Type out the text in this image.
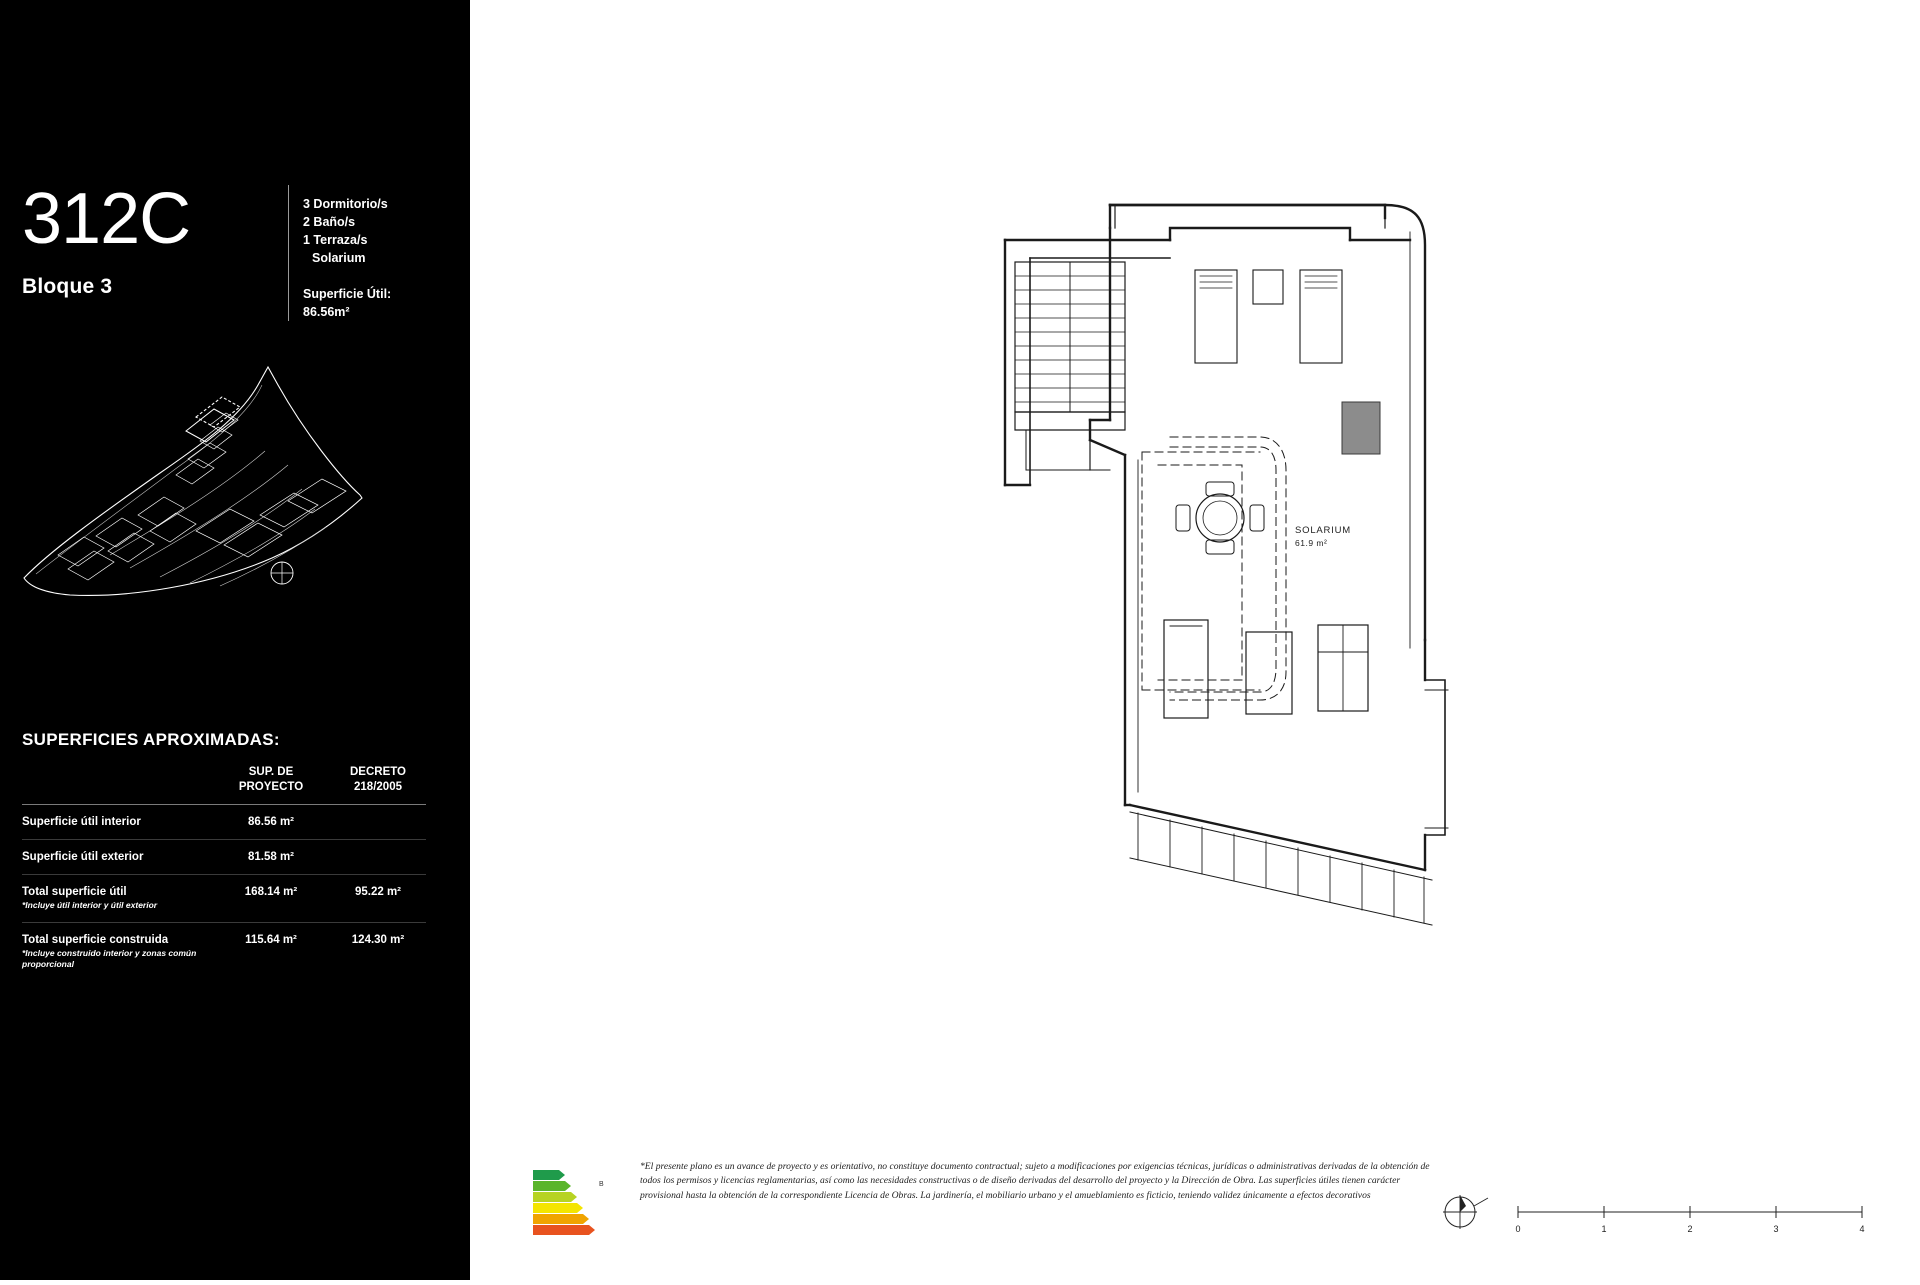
312C
Bloque 3
3 Dormitorio/s
2 Baño/s
1 Terraza/s
Solarium
Superficie Útil:
86.56m²
SUPERFICIES APROXIMADAS:

SUP. DE
PROYECTO

DECRETO
218/2005

Superficie útil interior	86.56 m²	
Superficie útil exterior	81.58 m²	
Total superficie útil
*Incluye útil interior y útil exterior	168.14 m²	95.22 m²
Total superficie construida
*Incluye construido interior y zonas común proporcional	115.64 m²	124.30 m²
SOLARIUM
61.9 m²
B
*El presente plano es un avance de proyecto y es orientativo, no constituye documento contractual; sujeto a modificaciones por exigencias técnicas, jurídicas o administrativas derivadas de la obtención de todos los permisos y licencias reglamentarias, así como las necesidades constructivas o de diseño derivadas del desarrollo del proyecto y la Dirección de Obra. Las superficies útiles tienen carácter provisional hasta la obtención de la correspondiente Licencia de Obras. La jardinería, el mobiliario urbano y el amueblamiento es ficticio, teniendo validez únicamente a efectos decorativos
0	1	2	3	4
